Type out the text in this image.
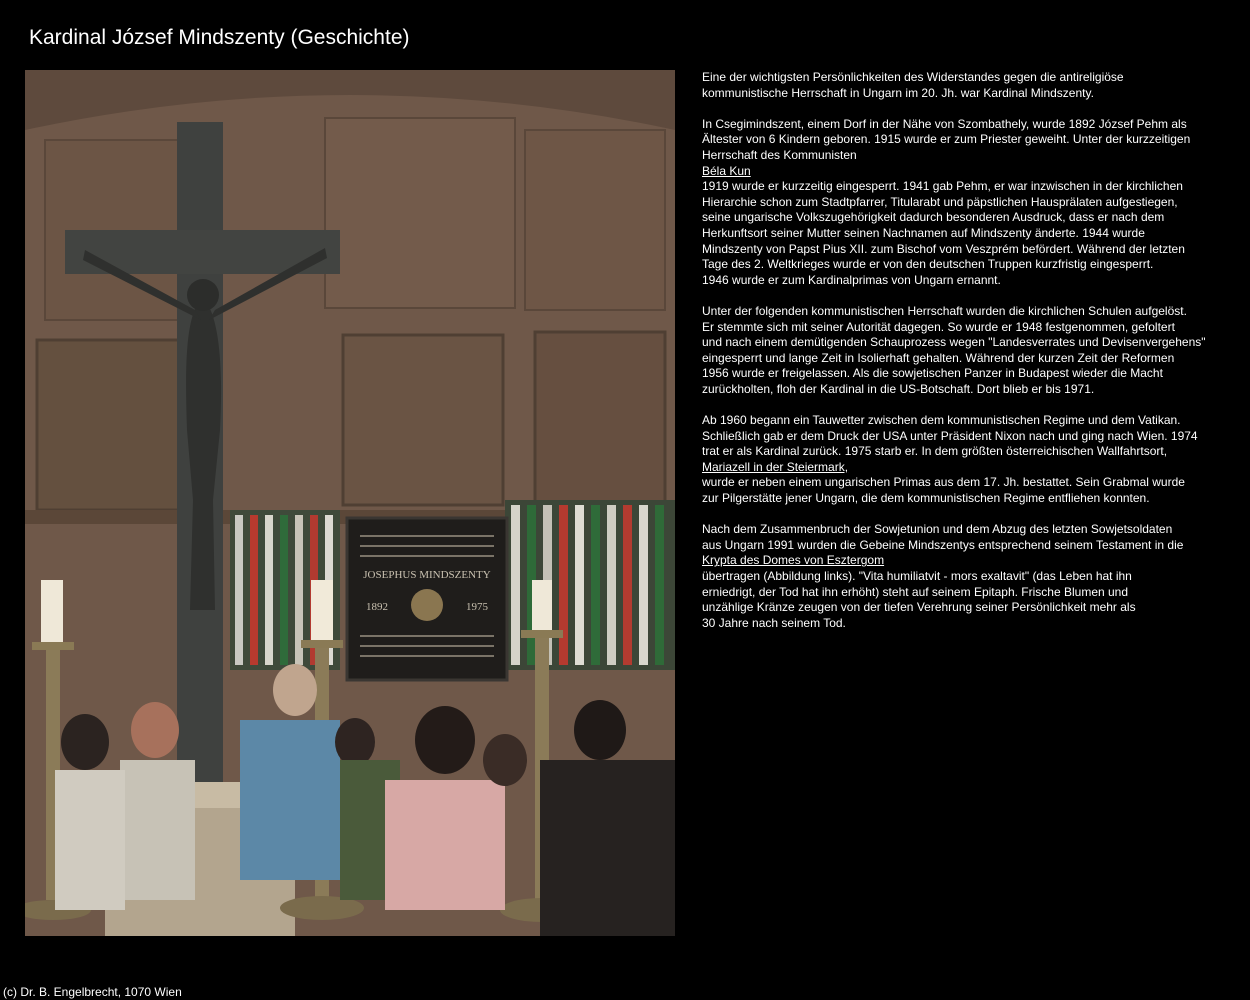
Kardinal József Mindszenty (Geschichte)
JOSEPHUS MINDSZENTY
1892	1975

Eine der wichtigsten Persönlichkeiten des Widerstandes gegen die antireligiöse
kommunistische Herrschaft in Ungarn im 20. Jh. war Kardinal Mindszenty.

In Csegimindszent, einem Dorf in der Nähe von Szombathely, wurde 1892 József Pehm als
Ältester von 6 Kindern geboren. 1915 wurde er zum Priester geweiht. Unter der kurzzeitigen
Herrschaft des Kommunisten
Béla Kun
1919 wurde er kurzzeitig eingesperrt. 1941 gab Pehm, er war inzwischen in der kirchlichen
Hierarchie schon zum Stadtpfarrer, Titularabt und päpstlichen Hausprälaten aufgestiegen,
seine ungarische Volkszugehörigkeit dadurch besonderen Ausdruck, dass er nach dem
Herkunftsort seiner Mutter seinen Nachnamen auf Mindszenty änderte. 1944 wurde
Mindszenty von Papst Pius XII. zum Bischof vom Veszprém befördert. Während der letzten
Tage des 2. Weltkrieges wurde er von den deutschen Truppen kurzfristig eingesperrt.
1946 wurde er zum Kardinalprimas von Ungarn ernannt.

Unter der folgenden kommunistischen Herrschaft wurden die kirchlichen Schulen aufgelöst.
Er stemmte sich mit seiner Autorität dagegen. So wurde er 1948 festgenommen, gefoltert
und nach einem demütigenden Schauprozess wegen "Landesverrates und Devisenvergehens"
eingesperrt und lange Zeit in Isolierhaft gehalten. Während der kurzen Zeit der Reformen
1956 wurde er freigelassen. Als die sowjetischen Panzer in Budapest wieder die Macht
zurückholten, floh der Kardinal in die US-Botschaft. Dort blieb er bis 1971.

Ab 1960 begann ein Tauwetter zwischen dem kommunistischen Regime und dem Vatikan.
Schließlich gab er dem Druck der USA unter Präsident Nixon nach und ging nach Wien. 1974
trat er als Kardinal zurück. 1975 starb er. In dem größten österreichischen Wallfahrtsort,
Mariazell in der Steiermark,
wurde er neben einem ungarischen Primas aus dem 17. Jh. bestattet. Sein Grabmal wurde
zur Pilgerstätte jener Ungarn, die dem kommunistischen Regime entfliehen konnten.

Nach dem Zusammenbruch der Sowjetunion und dem Abzug des letzten Sowjetsoldaten
aus Ungarn 1991 wurden die Gebeine Mindszentys entsprechend seinem Testament in die
Krypta des Domes von Esztergom
übertragen (Abbildung links). "Vita humiliatvit - mors exaltavit" (das Leben hat ihn
erniedrigt, der Tod hat ihn erhöht) steht auf seinem Epitaph. Frische Blumen und
unzählige Kränze zeugen von der tiefen Verehrung seiner Persönlichkeit mehr als
30 Jahre nach seinem Tod.

(c) Dr. B. Engelbrecht, 1070 Wien
